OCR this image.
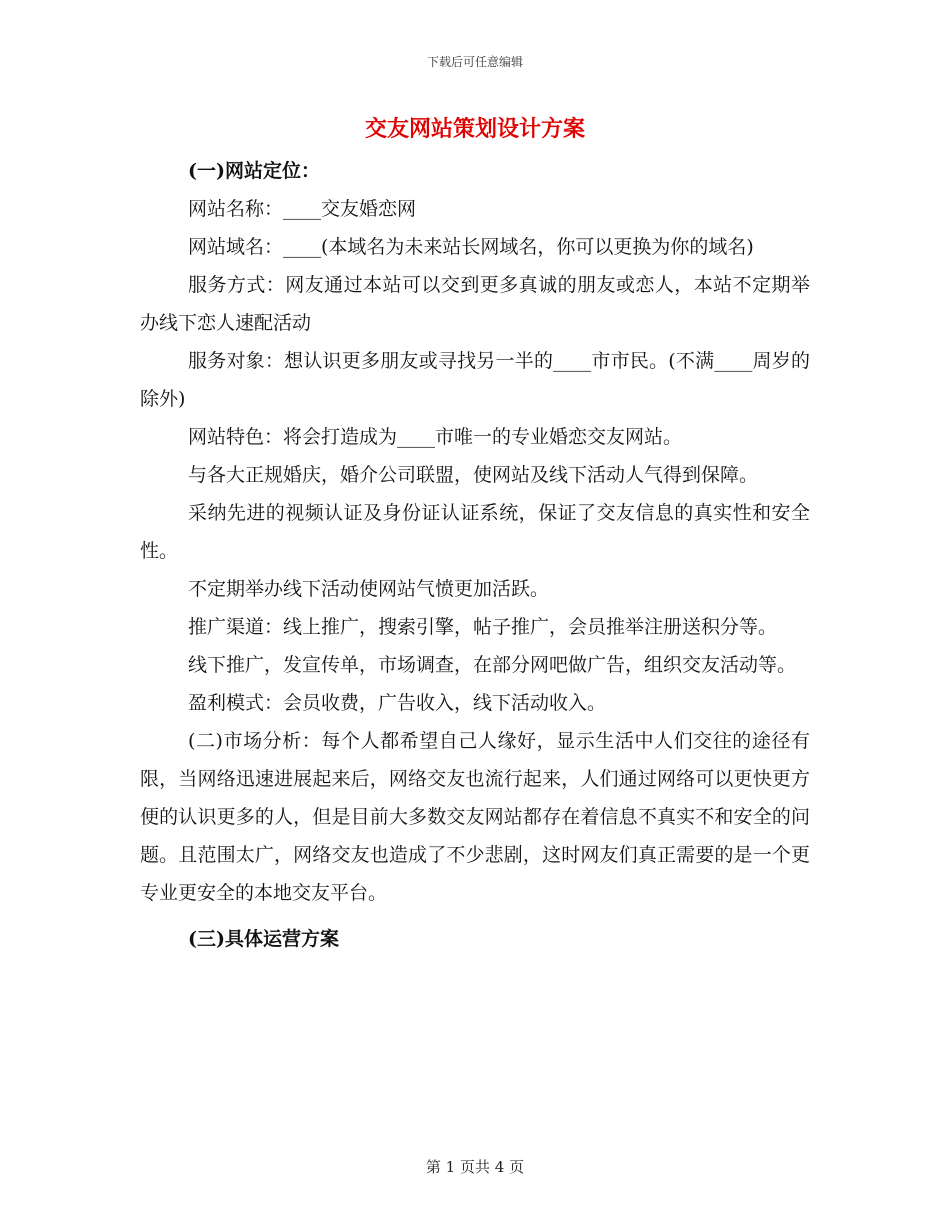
下载后可任意编辑
交友网站策划设计方案

(一)网站定位：

网站名称：____交友婚恋网

网站域名：____(本域名为未来站长网域名，你可以更换为你的域名)

服务方式：网友通过本站可以交到更多真诚的朋友或恋人，本站不定期举办线下恋人速配活动

服务对象：想认识更多朋友或寻找另一半的____市市民。(不满____周岁的除外)

网站特色：将会打造成为____市唯一的专业婚恋交友网站。

与各大正规婚庆，婚介公司联盟，使网站及线下活动人气得到保障。

采纳先进的视频认证及身份证认证系统，保证了交友信息的真实性和安全性。

不定期举办线下活动使网站气愤更加活跃。

推广渠道：线上推广，搜索引擎，帖子推广，会员推举注册送积分等。

线下推广，发宣传单，市场调查，在部分网吧做广告，组织交友活动等。

盈利模式：会员收费，广告收入，线下活动收入。

(二)市场分析：每个人都希望自己人缘好，显示生活中人们交往的途径有限，当网络迅速进展起来后，网络交友也流行起来，人们通过网络可以更快更方便的认识更多的人，但是目前大多数交友网站都存在着信息不真实不和安全的问题。且范围太广，网络交友也造成了不少悲剧，这时网友们真正需要的是一个更专业更安全的本地交友平台。

(三)具体运营方案

第 1 页共 4 页
